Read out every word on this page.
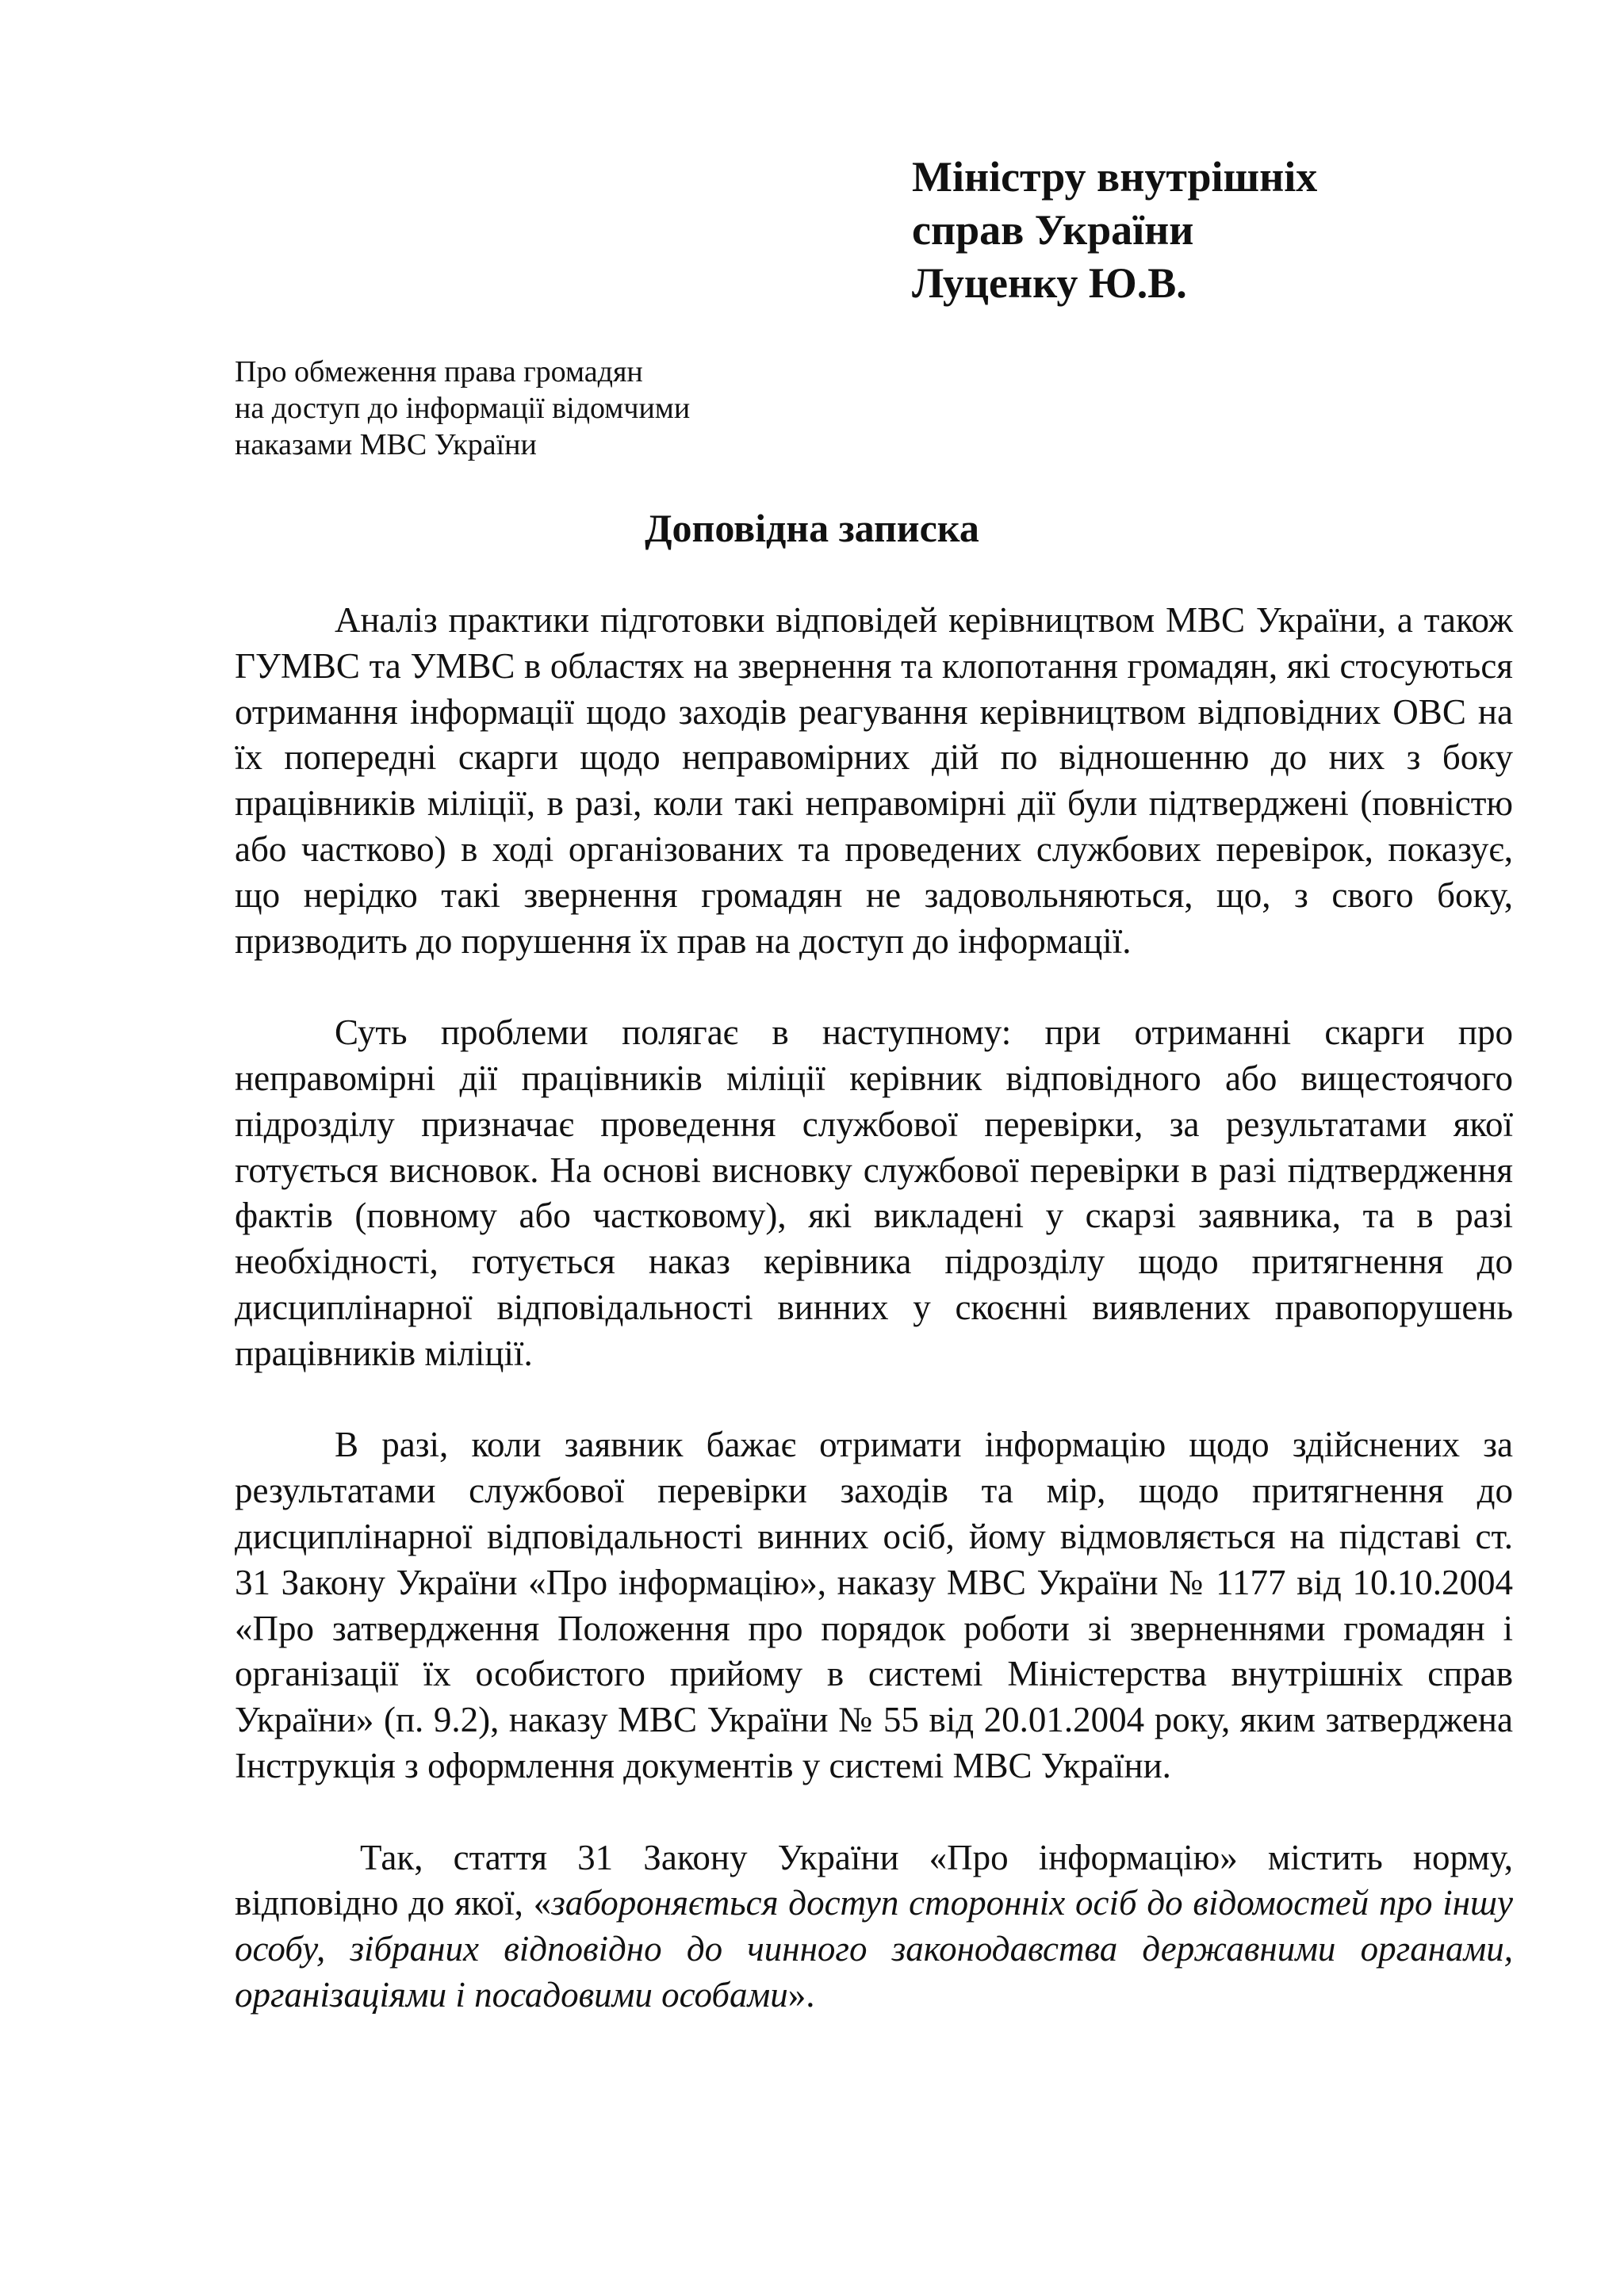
Міністру внутрішніх
справ України
Луценку Ю.В.
Про обмеження права громадян
на доступ до інформації відомчими
наказами МВС України
Доповідна записка

Аналіз практики підготовки відповідей керівництвом МВС України, а також ГУМВС та УМВС в областях на звернення та клопотання громадян, які стосуються отримання інформації щодо заходів реагування керівництвом відповідних ОВС на їх попередні скарги щодо неправомірних дій по відношенню до них з боку працівників міліції, в разі, коли такі неправомірні дії були підтверджені (повністю або частково) в ході організованих та проведених службових перевірок, показує, що нерідко такі звернення громадян не задовольняються, що, з свого боку, призводить до порушення їх прав на доступ до інформації.

Суть проблеми полягає в наступному: при отриманні скарги про неправомірні дії працівників міліції керівник відповідного або вищестоячого підрозділу призначає проведення службової перевірки, за результатами якої готується висновок. На основі висновку службової перевірки в разі підтвердження фактів (повному або частковому), які викладені у скарзі заявника, та в разі необхідності, готується наказ керівника підрозділу щодо притягнення до дисциплінарної відповідальності винних у скоєнні виявлених правопорушень працівників міліції.

В разі, коли заявник бажає отримати інформацію щодо здійснених за результатами службової перевірки заходів та мір, щодо притягнення до дисциплінарної відповідальності винних осіб, йому відмовляється на підставі ст. 31 Закону України «Про інформацію», наказу МВС України № 1177 від 10.10.2004 «Про затвердження Положення про порядок роботи зі зверненнями громадян і організації їх особистого прийому в системі Міністерства внутрішніх справ України» (п. 9.2), наказу МВС України № 55 від 20.01.2004 року, яким затверджена Інструкція з оформлення документів у системі МВС України.

Так, стаття 31 Закону України «Про інформацію» містить норму, відповідно до якої, «забороняється доступ сторонніх осіб до відомостей про іншу особу, зібраних відповідно до чинного законодавства державними органами, організаціями і посадовими особами».
